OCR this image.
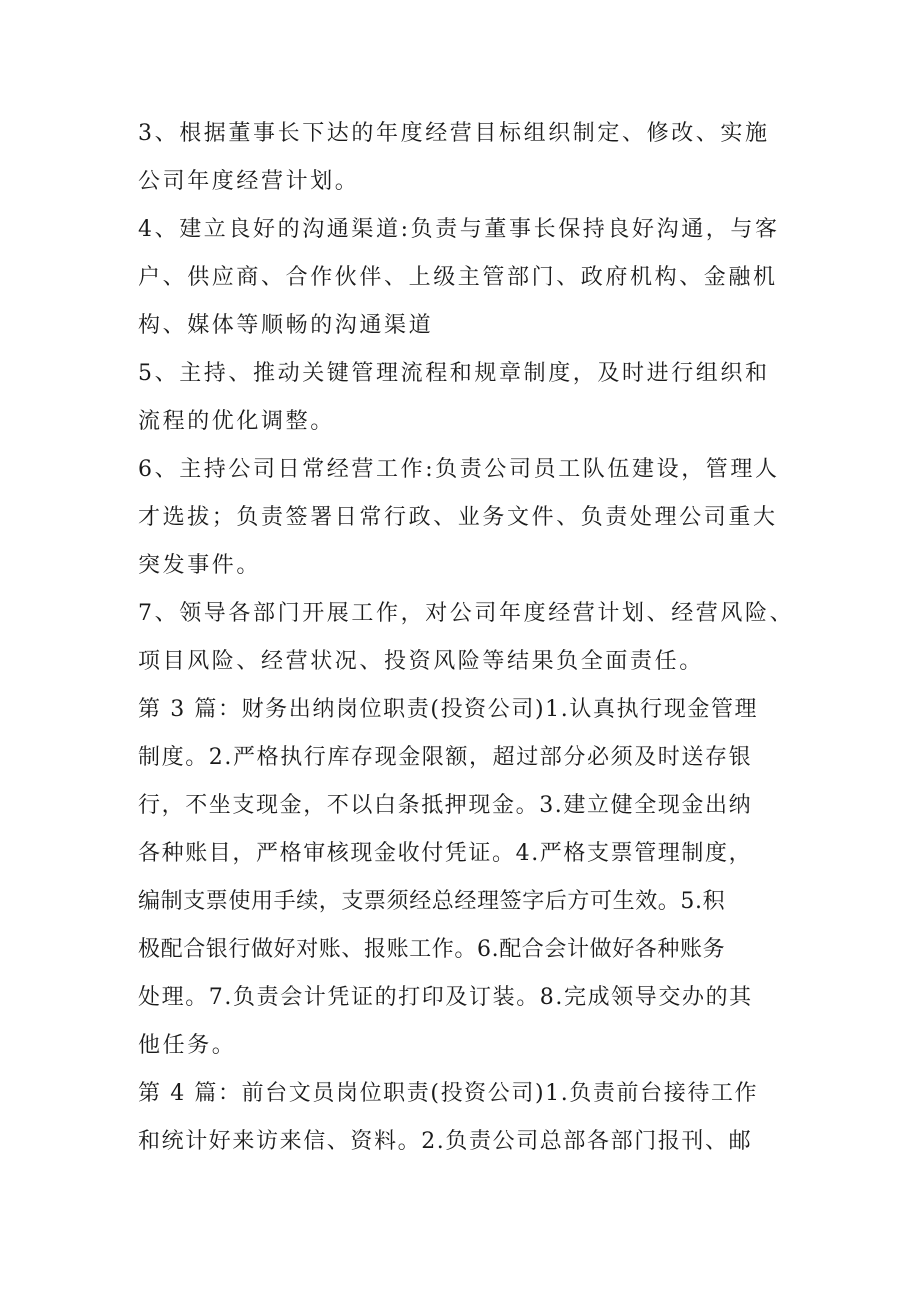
3、根据董事长下达的年度经营目标组织制定、修改、实施
公司年度经营计划。
4、建立良好的沟通渠道:负责与董事长保持良好沟通，与客
户、供应商、合作伙伴、上级主管部门、政府机构、金融机
构、媒体等顺畅的沟通渠道
5、主持、推动关键管理流程和规章制度，及时进行组织和
流程的优化调整。
6、主持公司日常经营工作:负责公司员工队伍建设，管理人
才选拔；负责签署日常行政、业务文件、负责处理公司重大
突发事件。
7、领导各部门开展工作，对公司年度经营计划、经营风险、
项目风险、经营状况、投资风险等结果负全面责任。
第 3 篇：财务出纳岗位职责(投资公司)1.认真执行现金管理
制度。2.严格执行库存现金限额，超过部分必须及时送存银
行，不坐支现金，不以白条抵押现金。3.建立健全现金出纳
各种账目，严格审核现金收付凭证。4.严格支票管理制度，
编制支票使用手续，支票须经总经理签字后方可生效。5.积
极配合银行做好对账、报账工作。6.配合会计做好各种账务
处理。7.负责会计凭证的打印及订装。8.完成领导交办的其
他任务。
第 4 篇：前台文员岗位职责(投资公司)1.负责前台接待工作
和统计好来访来信、资料。2.负责公司总部各部门报刊、邮
